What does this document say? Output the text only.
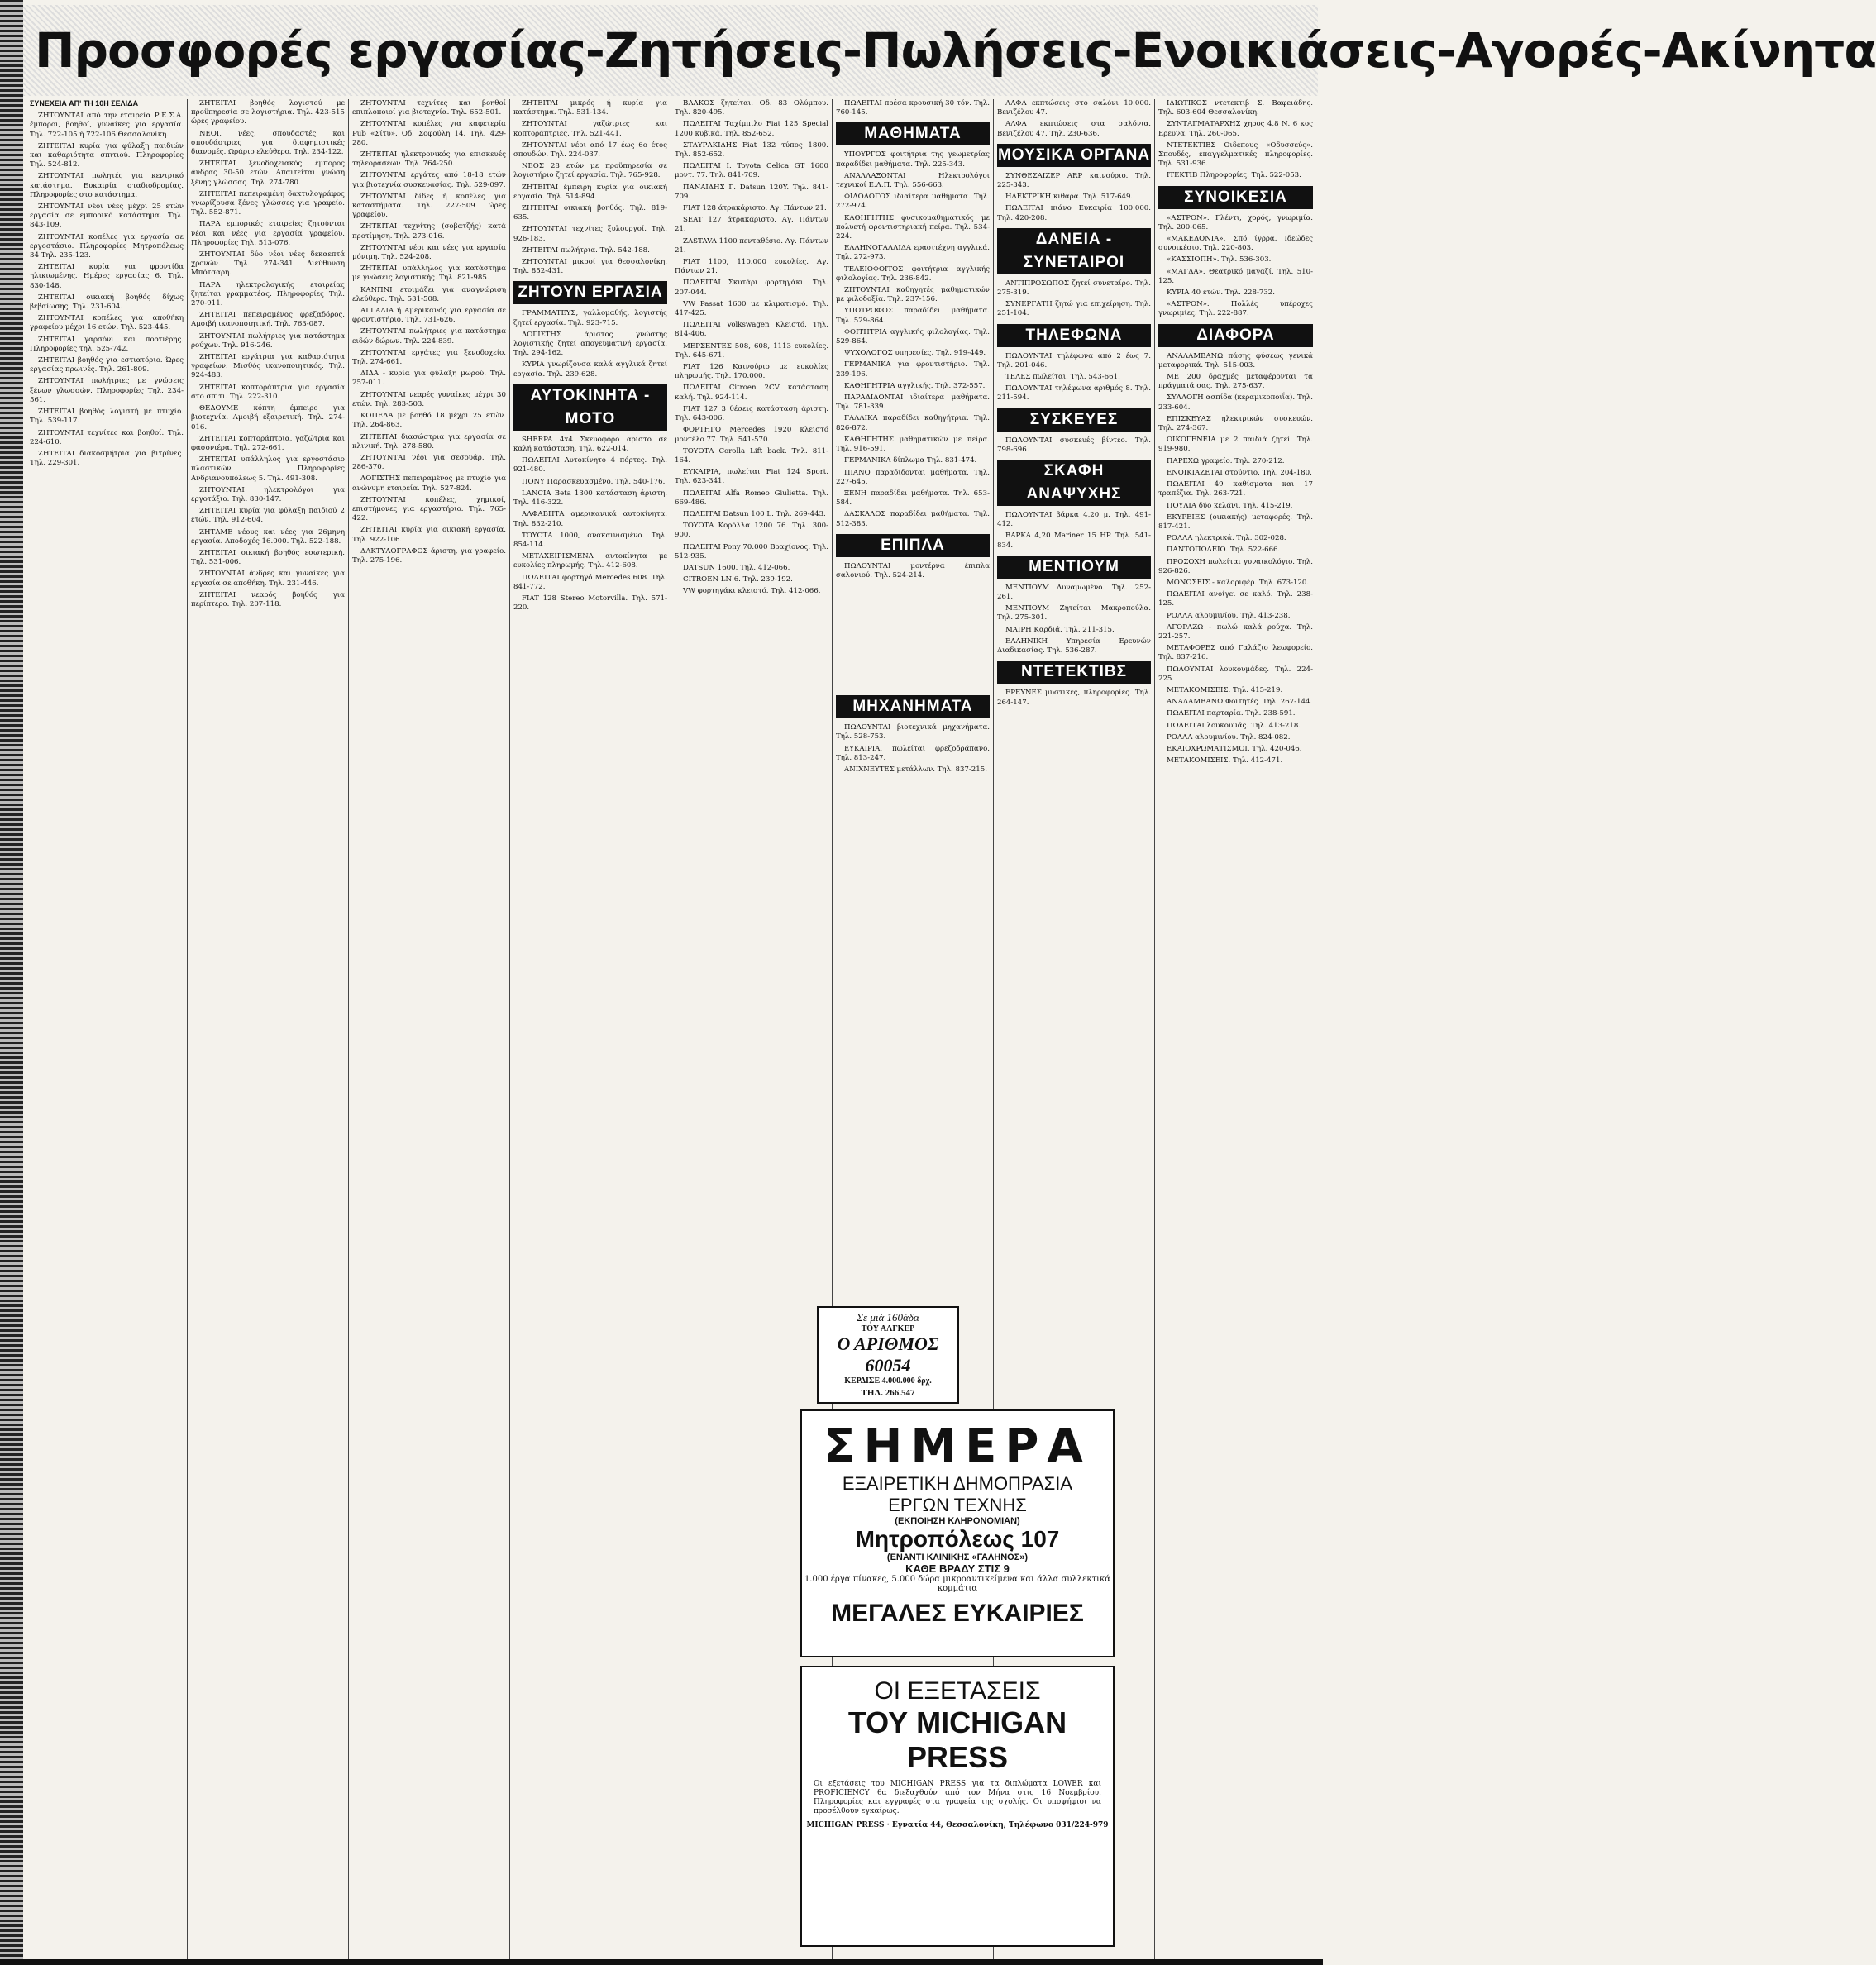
Προσφορές εργασίας-Ζητήσεις-Πωλήσεις-Ενοικιάσεις-Αγορές-Ακίνητα
ΣΥΝΕΧΕΙΑ ΑΠ' ΤΗ 10Η ΣΕΛΙΔΑ

ΖΗΤΟΥΝΤΑΙ από την εταιρεία Ρ.Ε.Σ.Α. έμποροι, βοηθοί, γυναίκες για εργασία. Τηλ. 722-105 ή 722-106 Θεσσαλονίκη.

ΖΗΤΕΙΤΑΙ κυρία για φύλαξη παιδιών και καθαριότητα σπιτιού. Πληροφορίες Τηλ. 524-812.

ΖΗΤΟΥΝΤΑΙ πωλητές για κεντρικό κατάστημα. Ευκαιρία σταδιοδρομίας. Πληροφορίες στο κατάστημα.

ΖΗΤΟΥΝΤΑΙ νέοι νέες μέχρι 25 ετών εργασία σε εμπορικό κατάστημα. Τηλ. 843-109.

ΖΗΤΟΥΝΤΑΙ κοπέλες για εργασία σε εργοστάσιο. Πληροφορίες Μητροπόλεως 34 Τηλ. 235-123.

ΖΗΤΕΙΤΑΙ κυρία για φροντίδα ηλικιωμένης. Ημέρες εργασίας 6. Τηλ. 830-148.

ΖΗΤΕΙΤΑΙ οικιακή βοηθός δίχως βεβαίωσης. Τηλ. 231-604.

ΖΗΤΟΥΝΤΑΙ κοπέλες για αποθήκη γραφείου μέχρι 16 ετών. Τηλ. 523-445.

ΖΗΤΕΙΤΑΙ γαρσόνι και πορτιέρης. Πληροφορίες τηλ. 525-742.

ΖΗΤΕΙΤΑΙ βοηθός για εστιατόριο. Ώρες εργασίας πρωινές. Τηλ. 261-809.

ΖΗΤΟΥΝΤΑΙ πωλήτριες με γνώσεις ξένων γλωσσών. Πληροφορίες Τηλ. 234-561.

ΖΗΤΕΙΤΑΙ βοηθός λογιστή με πτυχίο. Τηλ. 539-117.

ΖΗΤΟΥΝΤΑΙ τεχνίτες και βοηθοί. Τηλ. 224-610.

ΖΗΤΕΙΤΑΙ διακοσμήτρια για βιτρίνες. Τηλ. 229-301.

ΖΗΤΕΙΤΑΙ βοηθός λογιστού με προϋπηρεσία σε λογιστήρια. Τηλ. 423-515 ώρες γραφείου.

ΝΕΟΙ, νέες, σπουδαστές και σπουδάστριες για διαφημιστικές διανομές. Ωράριο ελεύθερο. Τηλ. 234-122.

ΖΗΤΕΙΤΑΙ ξενοδοχειακός έμπορος άνδρας 30-50 ετών. Απαιτείται γνώση ξένης γλώσσας. Τηλ. 274-780.

ΖΗΤΕΙΤΑΙ πεπειραμένη δακτυλογράφος γνωρίζουσα ξένες γλώσσες για γραφείο. Τηλ. 552-871.

ΠΑΡΑ εμπορικές εταιρείες ζητούνται νέοι και νέες για εργασία γραφείου. Πληροφορίες Τηλ. 513-076.

ΖΗΤΟΥΝΤΑΙ δύο νέοι νέες δεκαεπτά χρονών. Τηλ. 274-341 Διεύθυνση Μπότσαρη.

ΠΑΡΑ ηλεκτρολογικής εταιρείας ζητείται γραμματέας. Πληροφορίες Τηλ. 270-911.

ΖΗΤΕΙΤΑΙ πεπειραμένος φρεζαδόρος. Αμοιβή ικανοποιητική. Τηλ. 763-087.

ΖΗΤΟΥΝΤΑΙ πωλήτριες για κατάστημα ρούχων. Τηλ. 916-246.

ΖΗΤΕΙΤΑΙ εργάτρια για καθαριότητα γραφείων. Μισθός ικανοποιητικός. Τηλ. 924-483.

ΖΗΤΕΙΤΑΙ κοπτοράπτρια για εργασία στο σπίτι. Τηλ. 222-310.

ΘΕΔΟΥΜΕ κόπτη έμπειρο για βιοτεχνία. Αμοιβή εξαιρετική. Τηλ. 274-016.

ΖΗΤΕΙΤΑΙ κοπτοράπτρια, γαζώτρια και φασονιέρα. Τηλ. 272-661.

ΖΗΤΕΙΤΑΙ υπάλληλος για εργοστάσιο πλαστικών. Πληροφορίες Ανδριανουπόλεως 5. Τηλ. 491-308.

ΖΗΤΟΥΝΤΑΙ ηλεκτρολόγοι για εργοτάξιο. Τηλ. 830-147.

ΖΗΤΕΙΤΑΙ κυρία για φύλαξη παιδιού 2 ετών. Τηλ. 912-604.

ΖΗΤΑΜΕ νέους και νέες για 26μηνη εργασία. Αποδοχές 16.000. Τηλ. 522-188.

ΖΗΤΕΙΤΑΙ οικιακή βοηθός εσωτερική. Τηλ. 531-006.

ΖΗΤΟΥΝΤΑΙ άνδρες και γυναίκες για εργασία σε αποθήκη. Τηλ. 231-446.

ΖΗΤΕΙΤΑΙ νεαρός βοηθός για περίπτερο. Τηλ. 207-118.

ΖΗΤΟΥΝΤΑΙ τεχνίτες και βοηθοί επιπλοποιοί για βιοτεχνία. Τηλ. 652-501.

ΖΗΤΟΥΝΤΑΙ κοπέλες για καφετερία Pub «Σίτυ». Οδ. Σοφούλη 14. Τηλ. 429-280.

ΖΗΤΕΙΤΑΙ ηλεκτρονικός για επισκευές τηλεοράσεων. Τηλ. 764-250.

ΖΗΤΟΥΝΤΑΙ εργάτες από 18-18 ετών για βιοτεχνία συσκευασίας. Τηλ. 529-097.

ΖΗΤΟΥΝΤΑΙ δίδες ή κοπέλες για καταστήματα. Τηλ. 227-509 ώρες γραφείου.

ΖΗΤΕΙΤΑΙ τεχνίτης (σοβατζής) κατά προτίμηση. Τηλ. 273-016.

ΖΗΤΟΥΝΤΑΙ νέοι και νέες για εργασία μόνιμη. Τηλ. 524-208.

ΖΗΤΕΙΤΑΙ υπάλληλος για κατάστημα με γνώσεις λογιστικής. Τηλ. 821-985.

ΚΑΝΠΝΙ ετοιμάζει για αναγνώριση ελεύθερο. Τηλ. 531-508.

ΑΓΓΑΔΙΑ ή Αμερικανός για εργασία σε φροντιστήριο. Τηλ. 731-626.

ΖΗΤΟΥΝΤΑΙ πωλήτριες για κατάστημα ειδών δώρων. Τηλ. 224-839.

ΖΗΤΟΥΝΤΑΙ εργάτες για ξενοδοχείο. Τηλ. 274-661.

ΔΙΔΑ - κυρία για φύλαξη μωρού. Τηλ. 257-011.

ΖΗΤΟΥΝΤΑΙ νεαρές γυναίκες μέχρι 30 ετών. Τηλ. 283-503.

ΚΟΠΕΛΑ με βοηθό 18 μέχρι 25 ετών. Τηλ. 264-863.

ΖΗΤΕΙΤΑΙ διασώστρια για εργασία σε κλινική. Τηλ. 278-580.

ΖΗΤΟΥΝΤΑΙ νέοι για σεσουάρ. Τηλ. 286-370.

ΛΟΓΙΣΤΗΣ πεπειραμένος με πτυχίο για ανώνυμη εταιρεία. Τηλ. 527-824.

ΖΗΤΟΥΝΤΑΙ κοπέλες, χημικοί, επιστήμονες για εργαστήριο. Τηλ. 765-422.

ΖΗΤΕΙΤΑΙ κυρία για οικιακή εργασία. Τηλ. 922-106.

ΔΑΚΤΥΛΟΓΡΑΦΟΣ άριστη, για γραφείο. Τηλ. 275-196.

ΖΗΤΕΙΤΑΙ μικρός ή κυρία για κατάστημα. Τηλ. 531-134.

ΖΗΤΟΥΝΤΑΙ γαζώτριες και κοπτοράπτριες. Τηλ. 521-441.

ΖΗΤΟΥΝΤΑΙ νέοι από 17 έως 6ο έτος σπουδών. Τηλ. 224-037.

ΝΕΟΣ 28 ετών με προϋπηρεσία σε λογιστήριο ζητεί εργασία. Τηλ. 765-928.

ΖΗΤΕΙΤΑΙ έμπειρη κυρία για οικιακή εργασία. Τηλ. 514-894.

ΖΗΤΕΙΤΑΙ οικιακή βοηθός. Τηλ. 819-635.

ΖΗΤΟΥΝΤΑΙ τεχνίτες ξυλουργοί. Τηλ. 926-183.

ΖΗΤΕΙΤΑΙ πωλήτρια. Τηλ. 542-188.

ΖΗΤΟΥΝΤΑΙ μικροί για θεσσαλονίκη. Τηλ. 852-431.

ΖΗΤΟΥΝ ΕΡΓΑΣΙΑ

ΓΡΑΜΜΑΤΕΥΣ, γαλλομαθής, λογιστής ζητεί εργασία. Τηλ. 923-715.

ΛΟΓΙΣΤΗΣ άριστος γνώστης λογιστικής ζητεί απογευματινή εργασία. Τηλ. 294-162.

ΚΥΡΙΑ γνωρίζουσα καλά αγγλικά ζητεί εργασία. Τηλ. 239-628.

ΑΥΤΟΚΙΝΗΤΑ - ΜΟΤΟ

SHERPA 4x4 Σκευοφόρο αριστο σε καλή κατάσταση. Τηλ. 622-014.

ΠΩΛΕΙΤΑΙ Αυτοκίνητο 4 πόρτες. Τηλ. 921-480.

ΠΟΝΥ Παρασκευασμένο. Τηλ. 540-176.

LANCIA Beta 1300 κατάσταση άριστη. Τηλ. 416-322.

ΑΛΦΑΒΗΤΑ αμερικανικά αυτοκίνητα. Τηλ. 832-210.

ΤΟΥΟΤΑ 1000, ανακαινισμένο. Τηλ. 854-114.

ΜΕΤΑΧΕΙΡΙΣΜΕΝΑ αυτοκίνητα με ευκολίες πληρωμής. Τηλ. 412-608.

ΠΩΛΕΙΤΑΙ φορτηγό Mercedes 608. Τηλ. 841-772.

FIAT 128 Stereo Motorvilla. Τηλ. 571-220.

ΒΑΛΚΟΣ ζητείται. Οδ. 83 Ολύμπου. Τηλ. 820-495.

ΠΩΛΕΙΤΑΙ Ταχίμπιλο Fiat 125 Special 1200 κυβικά. Τηλ. 852-652.

ΣΤΑΥΡΑΚΙΔΗΣ Fiat 132 τύπος 1800. Τηλ. 852-652.

ΠΩΛΕΙΤΑΙ Ι. Toyota Celica GT 1600 μοντ. 77. Τηλ. 841-709.

ΠΑΝΑΙΔΗΣ Γ. Datsun 120Y. Τηλ. 841-709.

FIAT 128 άτρακάριστο. Αγ. Πάντων 21.

SEAT 127 άτρακάριστο. Αγ. Πάντων 21.

ZASTAVA 1100 πενταθέσιο. Αγ. Πάντων 21.

FIAT 1100, 110.000 ευκολίες. Αγ. Πάντων 21.

ΠΩΛΕΙΤΑΙ Σκυτάρι φορτηγάκι. Τηλ. 207-044.

VW Passat 1600 με κλιματισμό. Τηλ. 417-425.

ΠΩΛΕΙΤΑΙ Volkswagen Κλειστό. Τηλ. 814-406.

ΜΕΡΣΕΝΤΕΣ 508, 608, 1113 ευκολίες. Τηλ. 645-671.

FIAT 126 Καινούριο με ευκολίες πληρωμής. Τηλ. 170.000.

ΠΩΛΕΙΤΑΙ Citroen 2CV κατάσταση καλή. Τηλ. 924-114.

FIAT 127 3 θέσεις κατάσταση άριστη. Τηλ. 643-006.

ΦΟΡΤΗΓΟ Mercedes 1920 κλειστό μοντέλο 77. Τηλ. 541-570.

ΤΟΥΟΤΑ Corolla Lift back. Τηλ. 811-164.

ΕΥΚΑΙΡΙΑ, πωλείται Fiat 124 Sport. Τηλ. 623-341.

ΠΩΛΕΙΤΑΙ Alfa Romeo Giulietta. Τηλ. 669-486.

ΠΩΛΕΙΤΑΙ Datsun 100 L. Τηλ. 269-443.

ΤΟΥΟΤΑ Κορόλλα 1200 76. Τηλ. 300-900.

ΠΩΛΕΙΤΑΙ Pony 70.000 Βραχίονος. Τηλ. 512-935.

DATSUN 1600. Τηλ. 412-066.

CITROEN LN 6. Τηλ. 239-192.

VW φορτηγάκι κλειστό. Τηλ. 412-066.

ΠΩΛΕΙΤΑΙ πρέσα κρουσική 30 τόν. Τηλ. 760-145.

ΜΑΘΗΜΑΤΑ

ΥΠΟΥΡΓΟΣ φοιτήτρια της γεωμετρίας παραδίδει μαθήματα. Τηλ. 225-343.

ΑΝΑΛΛΑΞΟΝΤΑΙ Ηλεκτρολόγοι τεχνικοί Ε.Λ.Π. Τηλ. 556-663.

ΦΙΛΟΛΟΓΟΣ ιδιαίτερα μαθήματα. Τηλ. 272-974.

ΚΑΘΗΓΗΤΗΣ φυσικομαθηματικός με πολυετή φροντιστηριακή πείρα. Τηλ. 534-224.

ΕΛΛΗΝΟΓΑΛΛΙΔΑ ερασιτέχνη αγγλικά. Τηλ. 272-973.

ΤΕΛΕΙΟΦΟΙΤΟΣ φοιτήτρια αγγλικής φιλολογίας. Τηλ. 236-842.

ΖΗΤΟΥΝΤΑΙ καθηγητές μαθηματικών με φιλοδοξία. Τηλ. 237-156.

ΥΠΟΤΡΟΦΟΣ παραδίδει μαθήματα. Τηλ. 529-864.

ΦΟΙΤΗΤΡΙΑ αγγλικής φιλολογίας. Τηλ. 529-864.

ΨΥΧΟΛΟΓΟΣ υπηρεσίες. Τηλ. 919-449.

ΓΕΡΜΑΝΙΚΑ για φροντιστήριο. Τηλ. 239-196.

ΚΑΘΗΓΗΤΡΙΑ αγγλικής. Τηλ. 372-557.

ΠΑΡΑΔΙΔΟΝΤΑΙ ιδιαίτερα μαθήματα. Τηλ. 781-339.

ΓΑΛΛΙΚΑ παραδίδει καθηγήτρια. Τηλ. 826-872.

ΚΑΘΗΓΗΤΗΣ μαθηματικών με πείρα. Τηλ. 916-591.

ΓΕΡΜΑΝΙΚΑ δίπλωμα Τηλ. 831-474.

ΠΙΑΝΟ παραδίδονται μαθήματα. Τηλ. 227-645.

ΞΕΝΗ παραδίδει μαθήματα. Τηλ. 653-584.

ΔΑΣΚΑΛΟΣ παραδίδει μαθήματα. Τηλ. 512-383.

ΕΠΙΠΛΑ

ΠΩΛΟΥΝΤΑΙ μοντέρνα έπιπλα σαλονιού. Τηλ. 524-214.

ΜΗΧΑΝΗΜΑΤΑ

ΠΩΛΟΥΝΤΑΙ βιοτεχνικά μηχανήματα. Τηλ. 528-753.

ΕΥΚΑΙΡΙΑ, πωλείται φρεζοδράπανο. Τηλ. 813-247.

ΑΝΙΧΝΕΥΤΕΣ μετάλλων. Τηλ. 837-215.

ΑΛΦΑ εκπτώσεις στο σαλόνι 10.000. Βενιζέλου 47.

ΑΛΦΑ εκπτώσεις στα σαλόνια. Βενιζέλου 47. Τηλ. 230-636.

ΜΟΥΣΙΚΑ ΟΡΓΑΝΑ

ΣΥΝΘΕΣΑΙΖΕΡ ARP καινούριο. Τηλ. 225-343.

ΗΛΕΚΤΡΙΚΗ κιθάρα. Τηλ. 517-649.

ΠΩΛΕΙΤΑΙ πιάνο Ευκαιρία 100.000. Τηλ. 420-208.

ΔΑΝΕΙΑ - ΣΥΝΕΤΑΙΡΟΙ

ΑΝΤΙΠΡΟΣΩΠΟΣ ζητεί συνεταίρο. Τηλ. 275-319.

ΣΥΝΕΡΓΑΤΗ ζητώ για επιχείρηση. Τηλ. 251-104.

ΤΗΛΕΦΩΝΑ

ΠΩΛΟΥΝΤΑΙ τηλέφωνα από 2 έως 7. Τηλ. 201-046.

ΤΕΛΕΞ πωλείται. Τηλ. 543-661.

ΠΩΛΟΥΝΤΑΙ τηλέφωνα αριθμός 8. Τηλ. 211-594.

ΣΥΣΚΕΥΕΣ

ΠΩΛΟΥΝΤΑΙ συσκευές βίντεο. Τηλ. 798-696.

ΣΚΑΦΗ ΑΝΑΨΥΧΗΣ

ΠΩΛΟΥΝΤΑΙ βάρκα 4,20 μ. Τηλ. 491-412.

ΒΑΡΚΑ 4,20 Mariner 15 HP. Τηλ. 541-834.

ΜΕΝΤΙΟΥΜ

ΜΕΝΤΙΟΥΜ Δυναμωμένο. Τηλ. 252-261.

ΜΕΝΤΙΟΥΜ Ζητείται Μακροπούλα. Τηλ. 275-301.

ΜΑΙΡΗ Καρδιά. Τηλ. 211-315.

ΕΛΛΗΝΙΚΗ Υπηρεσία Ερευνών Διαδικασίας. Τηλ. 536-287.

ΝΤΕΤΕΚΤΙΒΣ

ΕΡΕΥΝΕΣ μυστικές, πληροφορίες. Τηλ. 264-147.

ΙΔΙΩΤΙΚΟΣ ντετεκτιβ Σ. Βαφειάδης. Τηλ. 603-604 Θεσσαλονίκη.

ΣΥΝΤΑΓΜΑΤΑΡΧΗΣ χηρος 4,8 Ν. 6 κος Ερευνα. Τηλ. 260-065.

ΝΤΕΤΕΚΤΙΒΣ Οιδεπους «Οδυσσεύς». Σπουδές, επαγγελματικές πληροφορίες. Τηλ. 531-936.

ΙΤΕΚΤΙΒ Πληροφορίες. Τηλ. 522-053.

ΣΥΝΟΙΚΕΣΙΑ

«ΑΣΤΡΟΝ». Γλέντι, χορός, γνωριμία. Τηλ. 200-065.

«ΜΑΚΕΔΟΝΙΑ». Σπό ίγρρα. Ιδεώδες συνοικέσιο. Τηλ. 220-803.

«ΚΑΣΣΙΟΠΗ». Τηλ. 536-303.

«ΜΑΓΔΑ». Θεατρικό μαγαζί. Τηλ. 510-125.

ΚΥΡΙΑ 40 ετών. Τηλ. 228-732.

«ΑΣΤΡΟΝ». Πολλές υπέροχες γνωριμίες. Τηλ. 222-887.

ΔΙΑΦΟΡΑ

ΑΝΑΛΑΜΒΑΝΩ πάσης φύσεως γενικά μεταφορικά. Τηλ. 515-003.

ΜΕ 200 δραχμές μεταφέρονται τα πράγματά σας. Τηλ. 275-637.

ΣΥΛΛΟΓΗ ασπίδα (κεραμικοποιΐα). Τηλ. 233-604.

ΕΠΙΣΚΕΥΑΣ ηλεκτρικών συσκευών. Τηλ. 274-367.

ΟΙΚΟΓΕΝΕΙΑ με 2 παιδιά ζητεί. Τηλ. 919-980.

ΠΑΡΕΧΩ γραφείο. Τηλ. 270-212.

ΕΝΟΙΚΙΑΖΕΤΑΙ στούντιο. Τηλ. 204-180.

ΠΩΛΕΙΤΑΙ 49 καθίσματα και 17 τραπέζια. Τηλ. 263-721.

ΠΟΥΛΙΑ δύο κελάνι. Τηλ. 415-219.

ΕΚΥΡΕΙΕΣ (οικιακής) μεταφορές. Τηλ. 817-421.

ΡΟΛΛΑ ηλεκτρικά. Τηλ. 302-028.

ΠΑΝΤΟΠΩΛΕΙΟ. Τηλ. 522-666.

ΠΡΟΣΟΧΗ πωλείται γυναικολόγιο. Τηλ. 926-826.

ΜΟΝΩΣΕΙΣ - καλοριφέρ. Τηλ. 673-120.

ΠΩΛΕΙΤΑΙ ανοίγει σε καλό. Τηλ. 238-125.

ΡΟΛΛΑ αλουμινίου. Τηλ. 413-238.

ΑΓΟΡΑΖΩ - πωλώ καλά ρούχα. Τηλ. 221-257.

ΜΕΤΑΦΟΡΕΣ από Γαλάζιο λεωφορείο. Τηλ. 837-216.

ΠΩΛΟΥΝΤΑΙ λουκουμάδες. Τηλ. 224-225.

ΜΕΤΑΚΟΜΙΣΕΙΣ. Τηλ. 415-219.

ΑΝΑΛΑΜΒΑΝΩ Φοιτητές. Τηλ. 267-144.

ΠΩΛΕΙΤΑΙ παρταρία. Τηλ. 238-591.

ΠΩΛΕΙΤΑΙ λουκουμάς. Τηλ. 413-218.

ΡΟΛΛΑ αλουμινίου. Τηλ. 824-082.

ΕΚΑΙΟΧΡΩΜΑΤΙΣΜΟΙ. Τηλ. 420-046.

ΜΕΤΑΚΟΜΙΣΕΙΣ. Τηλ. 412-471.

Σε μιά 160άδα
ΤΟΥ ΑΛΓΚΕΡ
Ο ΑΡΙΘΜΟΣ 60054
ΚΕΡΔΙΣΕ 4.000.000 δρχ.
ΤΗΛ. 266.547
ΣΗΜΕΡΑ
ΕΞΑΙΡΕΤΙΚΗ ΔΗΜΟΠΡΑΣΙΑ
ΕΡΓΩΝ ΤΕΧΝΗΣ
(ΕΚΠΟΙΗΣΗ ΚΛΗΡΟΝΟΜΙΑΝ)
Μητροπόλεως 107
(ΕΝΑΝΤΙ ΚΛΙΝΙΚΗΣ «ΓΑΛΗΝΟΣ»)
ΚΑΘΕ ΒΡΑΔΥ ΣΤΙΣ 9
1.000 έργα πίνακες, 5.000 δώρα μικροαντικείμενα και άλλα συλλεκτικά κομμάτια
ΜΕΓΑΛΕΣ ΕΥΚΑΙΡΙΕΣ
ΟΙ ΕΞΕΤΑΣΕΙΣ
ΤΟΥ MICHIGAN PRESS
Οι εξετάσεις του MICHIGAN PRESS για τα διπλώματα LOWER και PROFICIENCY θα διεξαχθούν από τον Μήνα στις 16 Νοεμβρίου. Πληροφορίες και εγγραφές στα γραφεία της σχολής. Οι υποψήφιοι να προσέλθουν εγκαίρως.
MICHIGAN PRESS · Εγνατία 44, Θεσσαλονίκη, Τηλέφωνο 031/224-979
